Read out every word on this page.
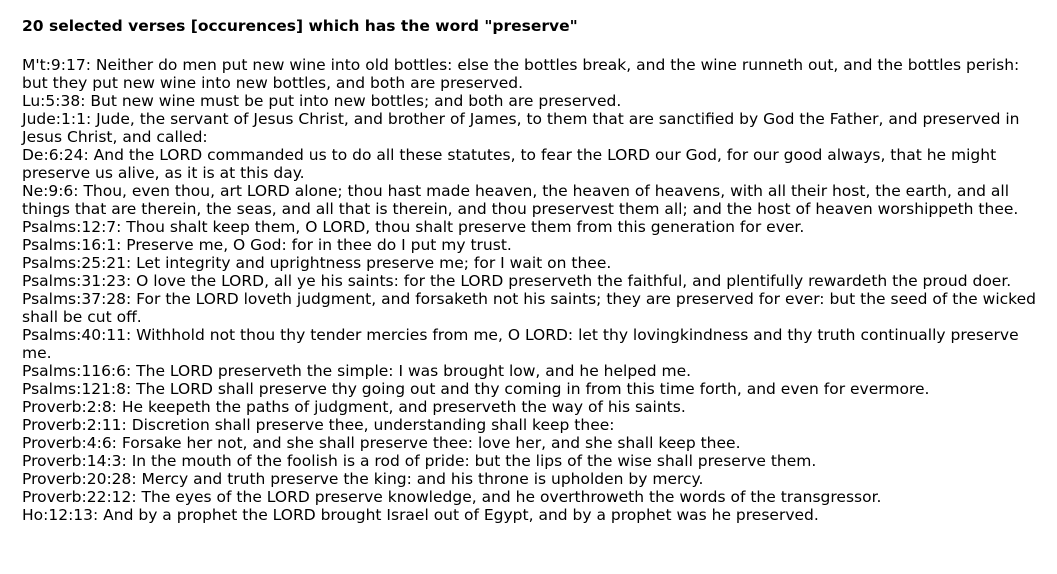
20 selected verses [occurences] which has the word "preserve"
M't:9:17: Neither do men put new wine into old bottles: else the bottles break, and the wine runneth out, and the bottles perish: but they put new wine into new bottles, and both are preserved.
Lu:5:38: But new wine must be put into new bottles; and both are preserved.
Jude:1:1: Jude, the servant of Jesus Christ, and brother of James, to them that are sanctified by God the Father, and preserved in Jesus Christ, and called:
De:6:24: And the LORD commanded us to do all these statutes, to fear the LORD our God, for our good always, that he might preserve us alive, as it is at this day.
Ne:9:6: Thou, even thou, art LORD alone; thou hast made heaven, the heaven of heavens, with all their host, the earth, and all things that are therein, the seas, and all that is therein, and thou preservest them all; and the host of heaven worshippeth thee.
Psalms:12:7: Thou shalt keep them, O LORD, thou shalt preserve them from this generation for ever.
Psalms:16:1: Preserve me, O God: for in thee do I put my trust.
Psalms:25:21: Let integrity and uprightness preserve me; for I wait on thee.
Psalms:31:23: O love the LORD, all ye his saints: for the LORD preserveth the faithful, and plentifully rewardeth the proud doer.
Psalms:37:28: For the LORD loveth judgment, and forsaketh not his saints; they are preserved for ever: but the seed of the wicked shall be cut off.
Psalms:40:11: Withhold not thou thy tender mercies from me, O LORD: let thy lovingkindness and thy truth continually preserve me.
Psalms:116:6: The LORD preserveth the simple: I was brought low, and he helped me.
Psalms:121:8: The LORD shall preserve thy going out and thy coming in from this time forth, and even for evermore.
Proverb:2:8: He keepeth the paths of judgment, and preserveth the way of his saints.
Proverb:2:11: Discretion shall preserve thee, understanding shall keep thee:
Proverb:4:6: Forsake her not, and she shall preserve thee: love her, and she shall keep thee.
Proverb:14:3: In the mouth of the foolish is a rod of pride: but the lips of the wise shall preserve them.
Proverb:20:28: Mercy and truth preserve the king: and his throne is upholden by mercy.
Proverb:22:12: The eyes of the LORD preserve knowledge, and he overthroweth the words of the transgressor.
Ho:12:13: And by a prophet the LORD brought Israel out of Egypt, and by a prophet was he preserved.
